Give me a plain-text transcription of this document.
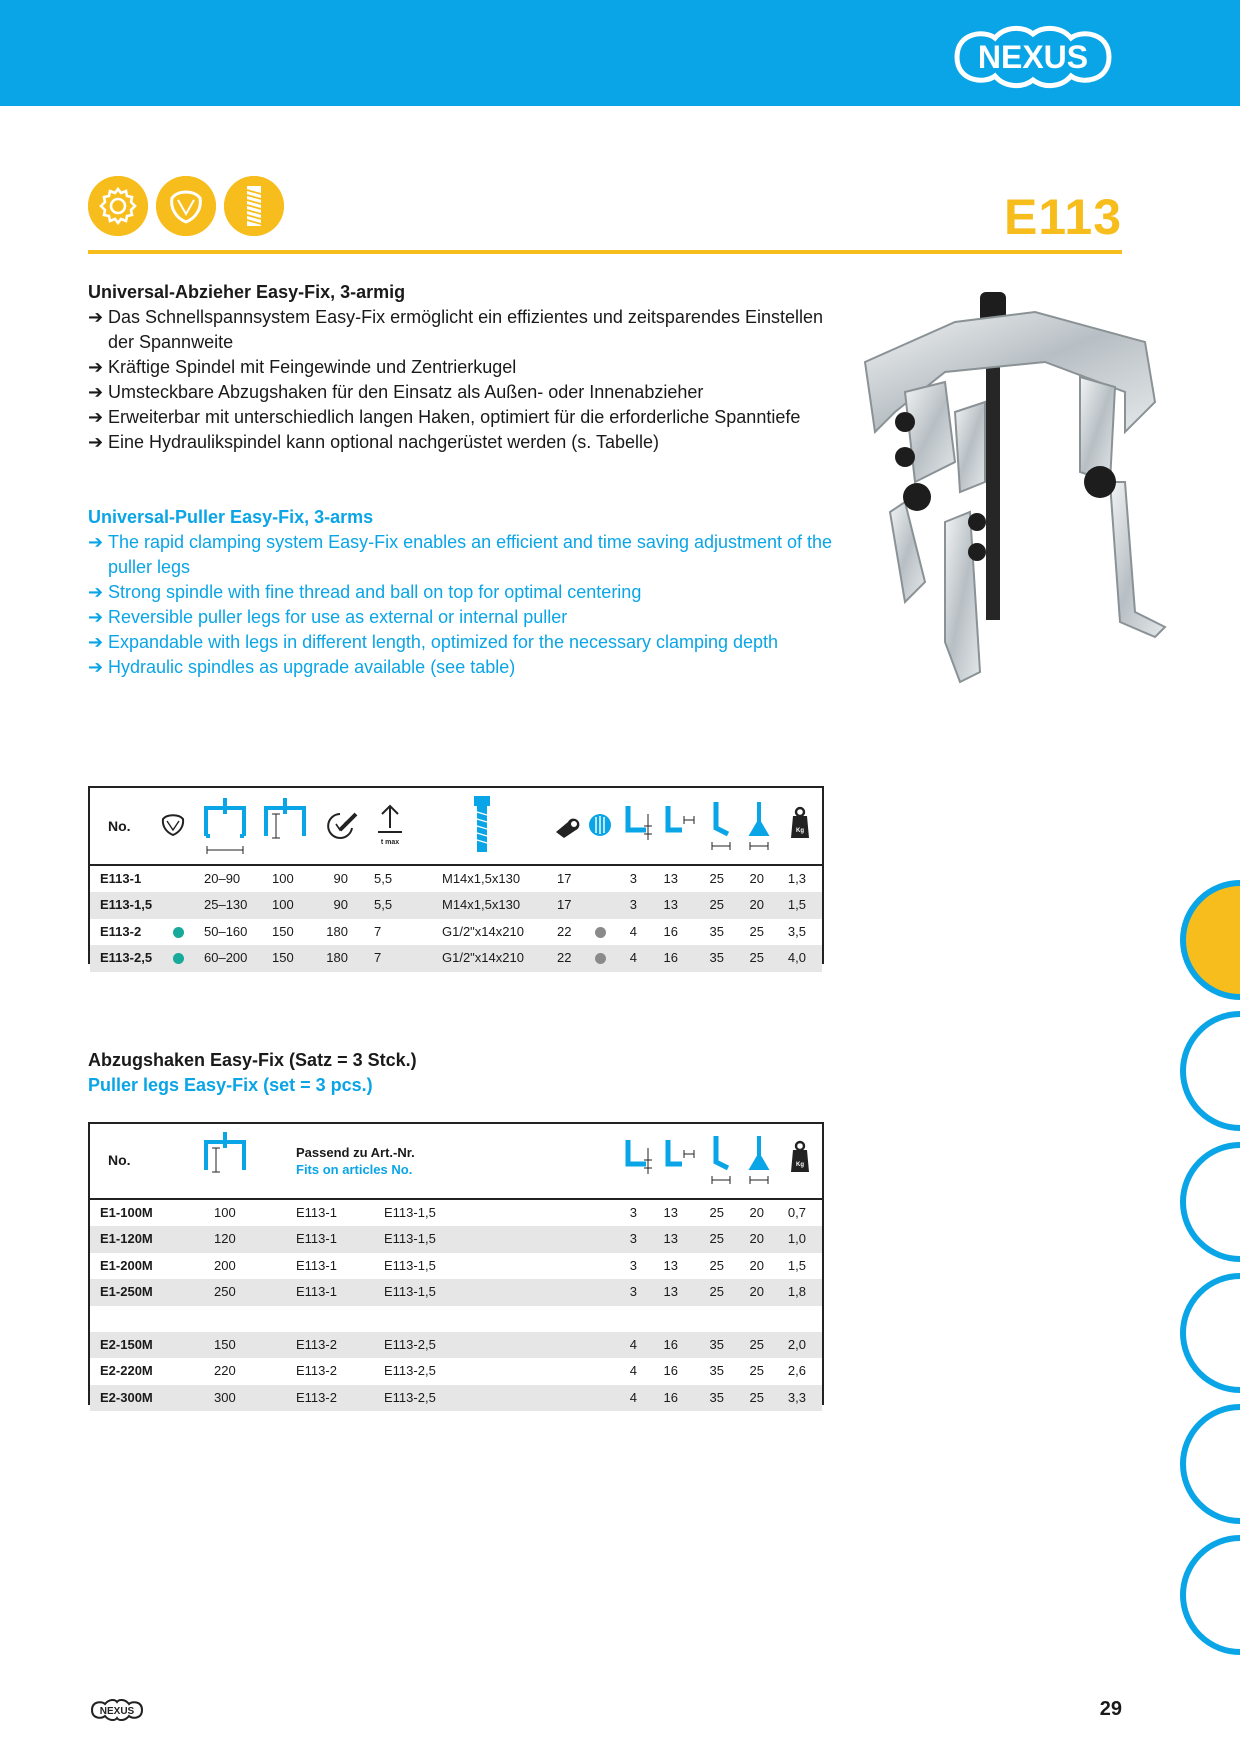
NEXUS
E113
Universal-Abzieher Easy-Fix, 3-armig
➔ Das Schnellspannsystem Easy-Fix ermöglicht ein effizientes und zeitsparendes Einstellen der Spannweite
➔ Kräftige Spindel mit Feingewinde und Zentrierkugel
➔ Umsteckbare Abzugshaken für den Einsatz als Außen- oder Innenabzieher
➔ Erweiterbar mit unterschiedlich langen Haken, optimiert für die erforderliche Spanntiefe
➔ Eine Hydraulikspindel kann optional nachgerüstet werden (s. Tabelle)
Universal-Puller Easy-Fix, 3-arms
➔ The rapid clamping system Easy-Fix enables an efficient and time saving adjustment of the puller legs
➔ Strong spindle with fine thread and ball on top for optimal centering
➔ Reversible puller legs for use as external or internal puller
➔ Expandable with legs in different length, optimized for the necessary clamping depth
➔ Hydraulic spindles as upgrade available (see table)
No.
t max
Kg
E113-1	20–90 100	90 5,5	M14x1,5x130	17	3 13 25 20 1,3
E113-1,5	25–130 100	90 5,5	M14x1,5x130	17	3 13 25 20 1,5
E113-2	50–160 150	180 7	G1/2"x14x210	22	4 16 35 25 3,5
E113-2,5	60–200 150	180 7	G1/2"x14x210	22	4 16 35 25 4,0
Abzugshaken Easy-Fix (Satz = 3 Stck.)
Puller legs Easy-Fix (set = 3 pcs.)
No.	Passend zu Art.-Nr.
Fits on articles No.	Kg
E1-100M	100	E113-1	E113-1,5	3 13 25 20 0,7
E1-120M	120	E113-1	E113-1,5	3 13 25 20 1,0
E1-200M	200	E113-1	E113-1,5	3 13 25 20 1,5
E1-250M	250	E113-1	E113-1,5	3 13 25 20 1,8
E2-150M	150	E113-2	E113-2,5	4 16 35 25 2,0
E2-220M	220	E113-2	E113-2,5	4 16 35 25 2,6
E2-300M	300	E113-2	E113-2,5	4 16 35 25 3,3
NEXUS	29
